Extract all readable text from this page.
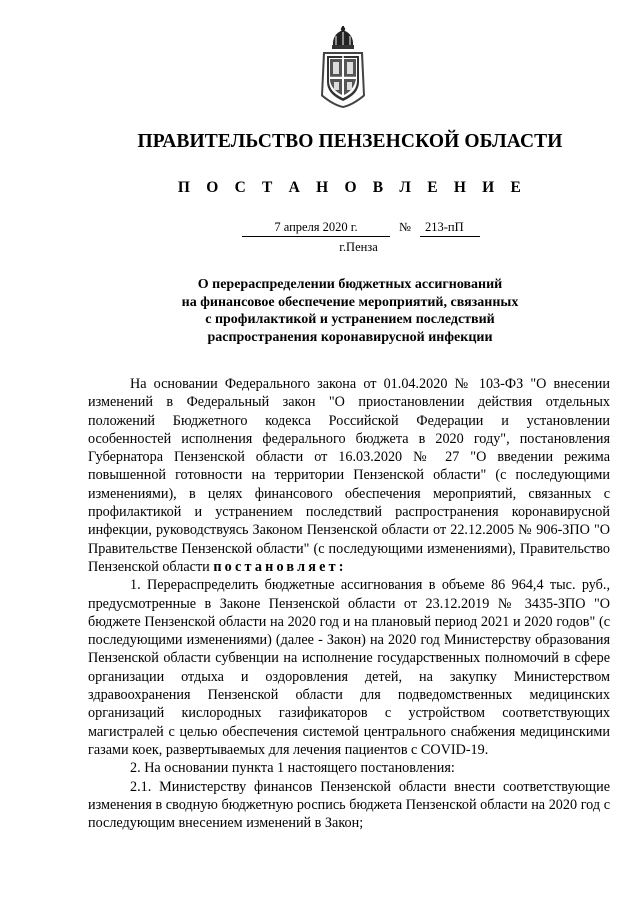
ПРАВИТЕЛЬСТВО ПЕНЗЕНСКОЙ ОБЛАСТИ
П О С Т А Н О В Л Е Н И Е
7 апреля 2020 г.	№	213-пП
г.Пенза
О перераспределении бюджетных ассигнований
на финансовое обеспечение мероприятий, связанных
с профилактикой и устранением последствий
распространения коронавирусной инфекции

На основании Федерального закона от 01.04.2020 № 103-ФЗ "О внесении изменений в Федеральный закон "О приостановлении действия отдельных положений Бюджетного кодекса Российской Федерации и установлении особенностей исполнения федерального бюджета в 2020 году", постановления Губернатора Пензенской области от 16.03.2020 № 27 "О введении режима повышенной готовности на территории Пензенской области" (с последующими изменениями), в целях финансового обеспечения мероприятий, связанных с профилактикой и устранением последствий распространения коронавирусной инфекции, руководствуясь Законом Пензенской области от 22.12.2005 № 906-ЗПО "О Правительстве Пензенской области" (с последующими изменениями), Правительство Пензенской области постановляет:

1. Перераспределить бюджетные ассигнования в объеме 86 964,4 тыс. руб., предусмотренные в Законе Пензенской области от 23.12.2019 № 3435-ЗПО "О бюджете Пензенской области на 2020 год и на плановый период 2021 и 2020 годов" (с последующими изменениями) (далее - Закон) на 2020 год Министерству образования Пензенской области субвенции на исполнение государственных полномочий в сфере организации отдыха и оздоровления детей, на закупку Министерством здравоохранения Пензенской области для подведомственных медицинских организаций кислородных газификаторов с устройством соответствующих магистралей с целью обеспечения системой центрального снабжения медицинскими газами коек, развертываемых для лечения пациентов с COVID-19.

2. На основании пункта 1 настоящего постановления:

2.1. Министерству финансов Пензенской области внести соответствующие изменения в сводную бюджетную роспись бюджета Пензенской области на 2020 год с последующим внесением изменений в Закон;
